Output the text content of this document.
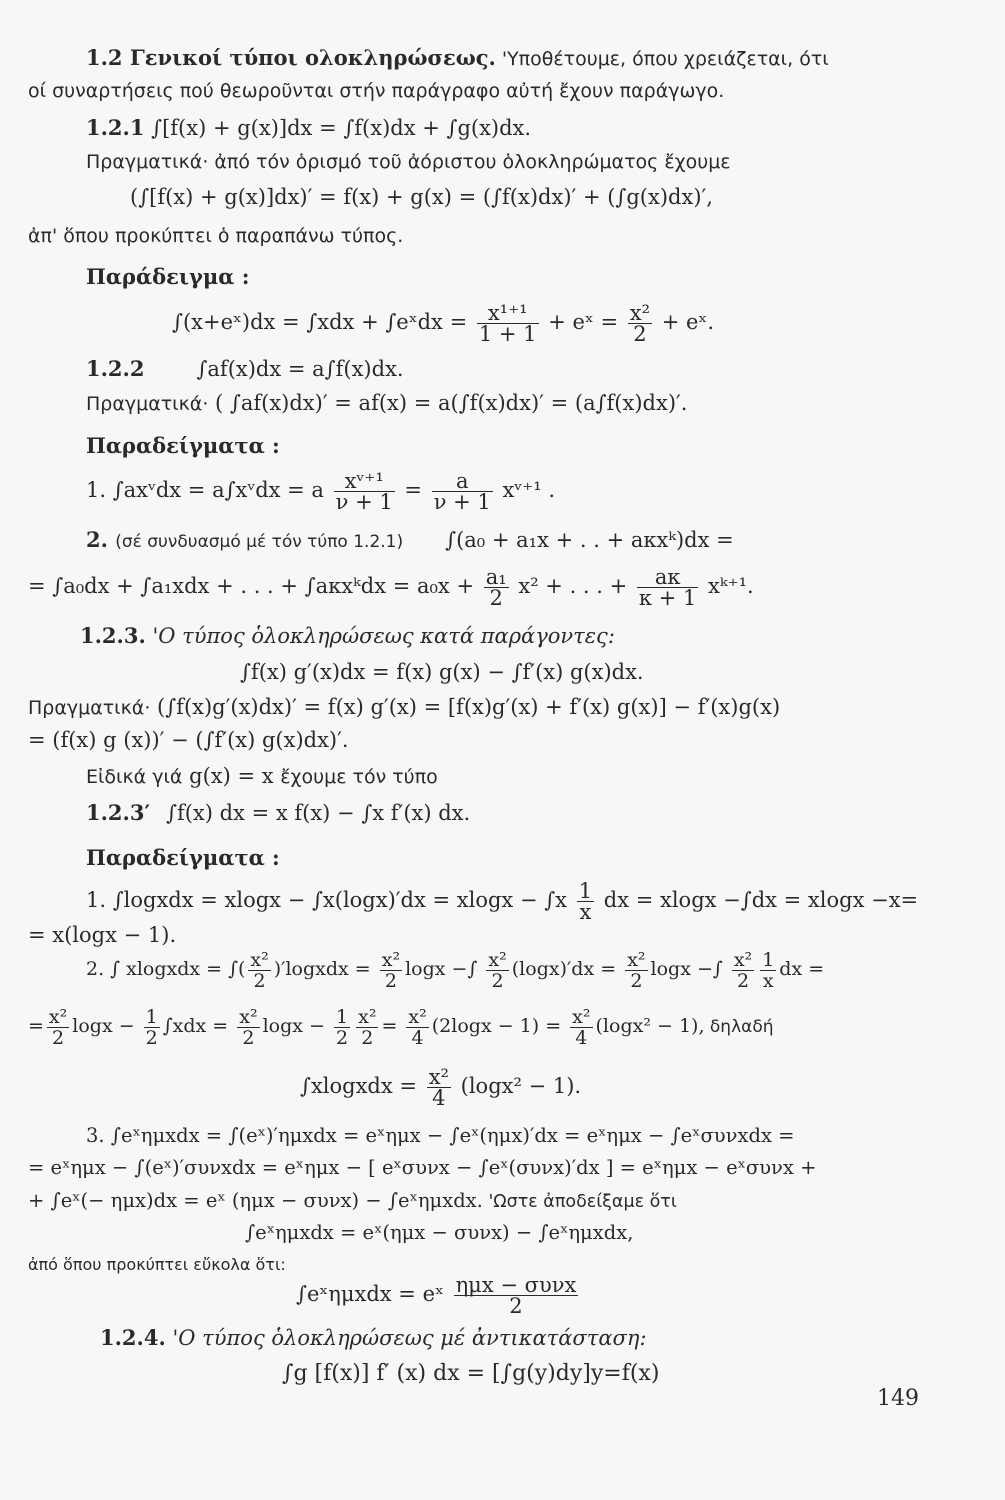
1.2 Γενικοί τύποι ολοκληρώσεως. 'Υποθέτουμε, όπου χρειάζεται, ότι
οί συναρτήσεις πού θεωροῦνται στήν παράγραφο αὐτή ἔχουν παράγωγο.
1.2.1 ∫[f(x) + g(x)]dx = ∫f(x)dx + ∫g(x)dx.
Πραγματικά· ἀπό τόν ὁρισμό τοῦ ἀόριστου ὁλοκληρώματος ἔχουμε
(∫[f(x) + g(x)]dx)′ = f(x) + g(x) = (∫f(x)dx)′ + (∫g(x)dx)′,
ἀπ' ὅπου προκύπτει ὁ παραπάνω τύπος.
Παράδειγμα :
∫(x+eˣ)dx = ∫xdx + ∫eˣdx = $\frac{\text{x¹⁺¹}}{1 + 1}$ + eˣ = $\frac{\text{x²}}{2}$ + eˣ.
1.2.2 ∫af(x)dx = a∫f(x)dx.
Πραγματικά· ( ∫af(x)dx)′ = af(x) = a(∫f(x)dx)′ = (a∫f(x)dx)′.
Παραδείγματα :
1. ∫axᵛdx = a∫xᵛdx = a $\frac{\text{xᵛ⁺¹}}{\nu + 1} = \frac{a}{\nu + 1}$ xᵛ⁺¹ .
2. (σέ συνδυασμό μέ τόν τύπο 1.2.1) ∫(a₀ + a₁x + . . + aκxᵏ)dx =
= ∫a₀dx + ∫a₁xdx + . . . + ∫aκxᵏdx = $a_0x + \frac{\text{a₁}}{2} x^2$ + . . . + $\frac{a\kappa}{\kappa + 1}$ xᵏ⁺¹.
1.2.3. 'Ο τύπος ὁλοκληρώσεως κατά παράγοντες:
∫f(x) g′(x)dx = f(x) g(x) − ∫f′(x) g(x)dx.
Πραγματικά· (∫f(x)g′(x)dx)′ = f(x) g′(x) = [f(x)g′(x) + f′(x) g(x)] − f′(x)g(x)
= (f(x) g (x))′ − (∫f′(x) g(x)dx)′.
Εἰδικά γιά g(x) = x ἔχουμε τόν τύπο
1.2.3′ ∫f(x) dx = x f(x) − ∫x f′(x) dx.
Παραδείγματα :
1. ∫logxdx = $xlogx - \int x(\log x)'dx = xlogx - \int x \frac{1}{x}$ dx = xlogx −∫dx = xlogx −x=
= x(logx − 1).
2. ∫ xlogxdx = ∫( $\frac{\text{x²}}{2}$ )′logxdx = $\frac{\text{x²}}{2}$ logx −∫ $\frac{\text{x²}}{2} (\log x)'dx = \frac{\text{x²}}{2}$ logx −∫ $\frac{\text{x²}}{2} \frac{1}{x}$ dx =
= $\frac{\text{x²}}{2}$ $\log x - \frac{1}{2} \int xdx = \frac{\text{x²}}{2}$ $\log x - \frac{1}{2} \frac{\text{x²}}{2} = \frac{\text{x²}}{4} (2\log x - 1) = \frac{\text{x²}}{4} (\log x^2 - 1)$, δηλαδή
∫xlogxdx = $\frac{\text{x²}}{4} (\log x^2 - 1)$.
3. ∫eˣημxdx = ∫(eˣ)′ημxdx = eˣημx − ∫eˣ(ημx)′dx = eˣημx − ∫eˣσυνxdx =
= eˣημx − ∫(eˣ)′συνxdx = eˣημx − [ eˣσυνx − ∫eˣ(συνx)′dx ] = eˣημx − eˣσυνx +
+ ∫eˣ(− ημx)dx = eˣ (ημx − συνx) − ∫eˣημxdx. 'Ωστε ἀποδείξαμε ὅτι
∫eˣημxdx = eˣ(ημx − συνx) − ∫eˣημxdx,
ἀπό ὅπου προκύπτει εὔκολα ὅτι:
∫eˣημxdx = eˣ $\frac{\text{ημx − συνx}}{2}$
1.2.4. 'Ο τύπος ὁλοκληρώσεως μέ ἀντικατάσταση:
∫g [f(x)] f′ (x) dx = [∫g(y)dy]y=f(x)
149
